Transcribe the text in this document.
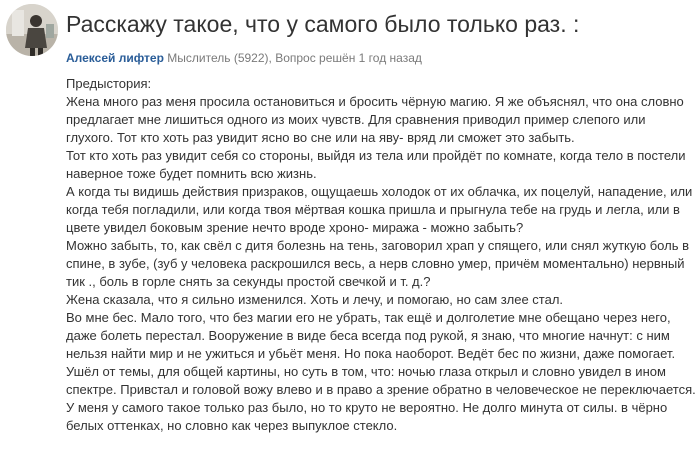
Расскажу такое, что у самого было только раз. :
Алексей лифтер Мыслитель (5922), Вопрос решён 1 год назад

Предыстория:

Жена много раз меня просила остановиться и бросить чёрную магию. Я же объяснял, что она словно предлагает мне лишиться одного из моих чувств. Для сравнения приводил пример слепого или глухого. Тот кто хоть раз увидит ясно во сне или на яву- вряд ли сможет это забыть.

Тот кто хоть раз увидит себя со стороны, выйдя из тела или пройдёт по комнате, когда тело в постели наверное тоже будет помнить всю жизнь.

А когда ты видишь действия призраков, ощущаешь холодок от их облачка, их поцелуй, нападение, или когда тебя погладили, или когда твоя мёртвая кошка пришла и прыгнула тебе на грудь и легла, или в цвете увидел боковым зрение нечто вроде хроно- миража - можно забыть?

Можно забыть, то, как свёл с дитя болезнь на тень, заговорил храп у спящего, или снял жуткую боль в спине, в зубе, (зуб у человека раскрошился весь, а нерв словно умер, причём моментально) нервный тик ., боль в горле снять за секунды простой свечкой и т. д.?

Жена сказала, что я сильно изменился. Хоть и лечу, и помогаю, но сам злее стал.

Во мне бес. Мало того, что без магии его не убрать, так ещё и долголетие мне обещано через него, даже болеть перестал. Вооружение в виде беса всегда под рукой, я знаю, что многие начнут: с ним нельзя найти мир и не ужиться и убьёт меня. Но пока наоборот. Ведёт бес по жизни, даже помогает.

Ушёл от темы, для общей картины, но суть в том, что: ночью глаза открыл и словно увидел в ином спектре. Привстал и головой вожу влево и в право а зрение обратно в человеческое не переключается. У меня у самого такое только раз было, но то круто не вероятно. Не долго минута от силы. в чёрно белых оттенках, но словно как через выпуклое стекло.
